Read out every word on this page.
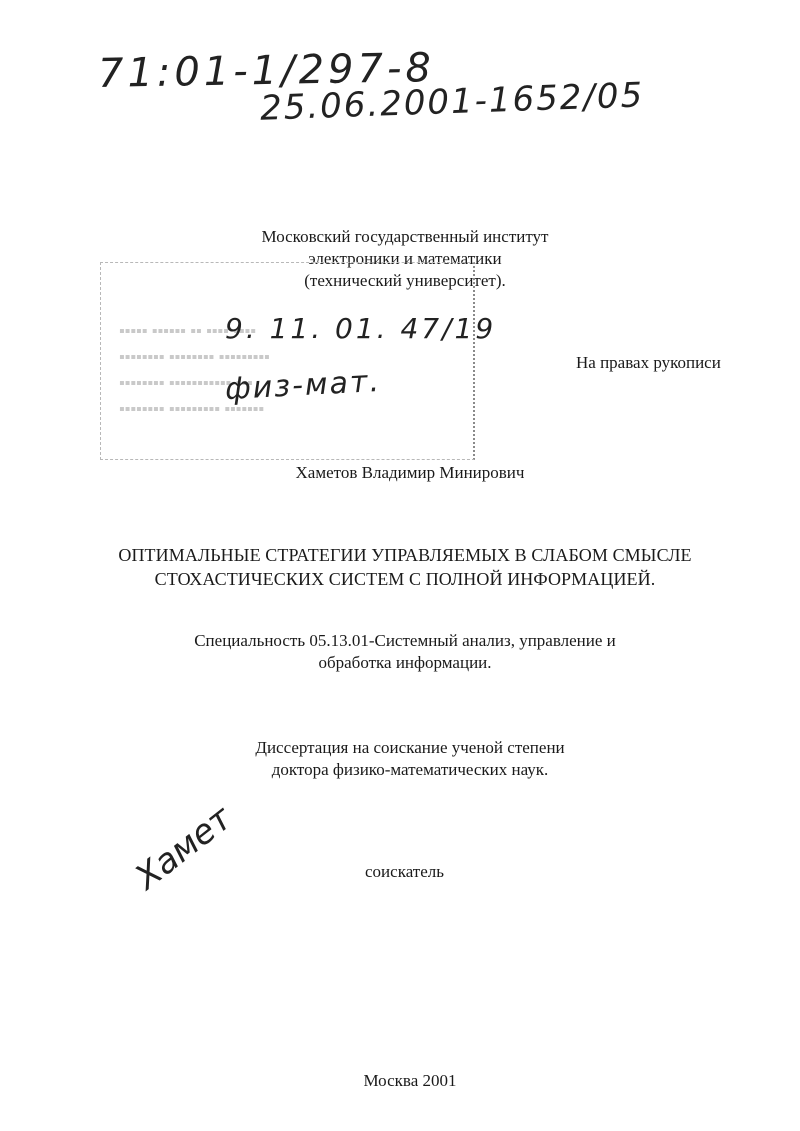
71:01-1/297-8
25.06.2001-1652/05
Московский государственный институт
электроники и математики
(технический университет).
▪▪▪▪▪ ▪▪▪▪▪▪ ▪▪ ▪▪▪▪ ▪▪▪▪
▪▪▪▪▪▪▪▪ ▪▪▪▪▪▪▪▪ ▪▪▪▪▪▪▪▪▪
▪▪▪▪▪▪▪▪ ▪▪▪▪▪▪▪▪▪▪▪ ▪▪▪
▪▪▪▪▪▪▪▪ ▪▪▪▪▪▪▪▪▪ ▪▪▪▪▪▪▪
9. 11. 01. 47/19
физ-мат.
На правах рукописи
Хаметов Владимир Минирович
ОПТИМАЛЬНЫЕ СТРАТЕГИИ УПРАВЛЯЕМЫХ В СЛАБОМ СМЫСЛЕ
СТОХАСТИЧЕСКИХ СИСТЕМ С ПОЛНОЙ ИНФОРМАЦИЕЙ.
Специальность 05.13.01-Системный анализ, управление и
обработка информации.
Диссертация на соискание ученой степени
доктора физико-математических наук.
Хамет	соискатель
Москва 2001
